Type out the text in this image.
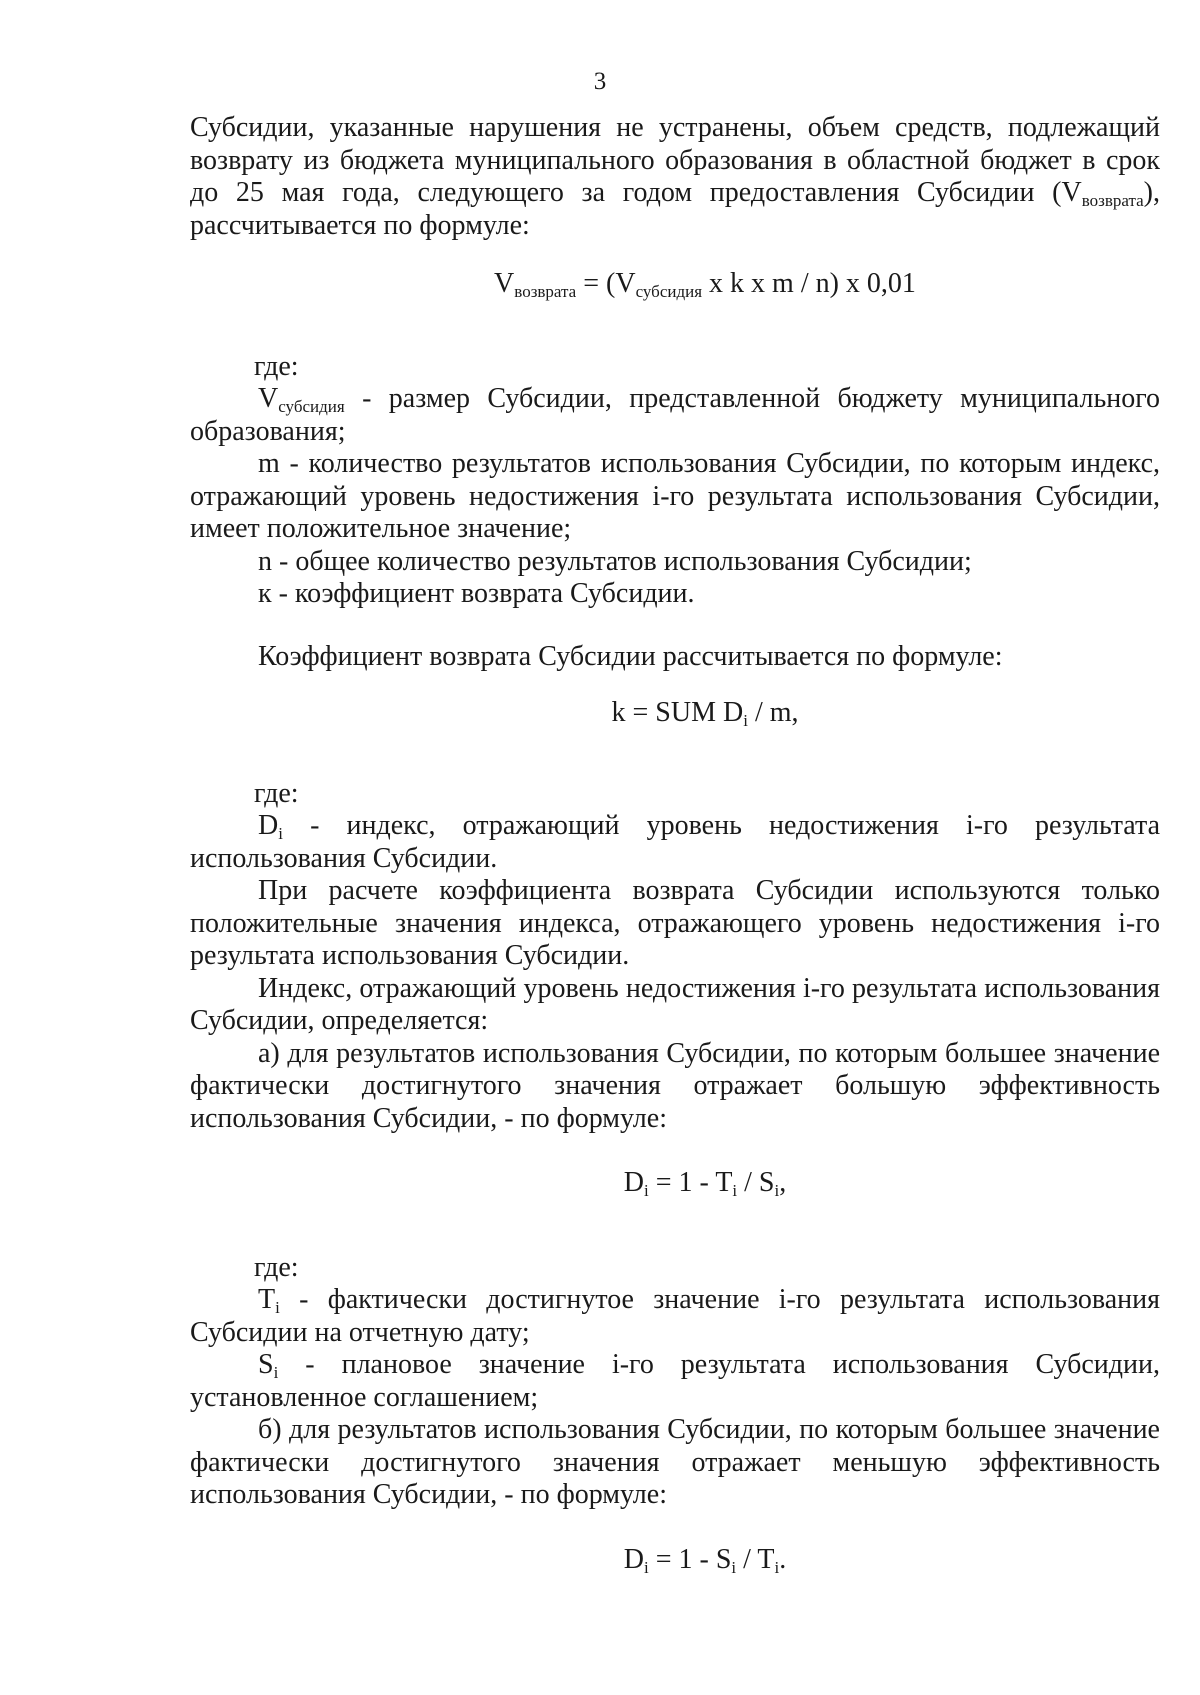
3

Субсидии, указанные нарушения не устранены, объем средств, подлежащий возврату из бюджета муниципального образования в областной бюджет в срок до 25 мая года, следующего за годом предоставления Субсидии $(V_{возврата})$, рассчитывается по формуле:

$V_{возврата} = (V_{субсидия}$ x k x m / n) x 0,01

где:

$V_{субсидия}$ - размер Субсидии, представленной бюджету муниципального образования;

m - количество результатов использования Субсидии, по которым индекс, отражающий уровень недостижения i-го результата использования Субсидии, имеет положительное значение;

n - общее количество результатов использования Субсидии;

к - коэффициент возврата Субсидии.

Коэффициент возврата Субсидии рассчитывается по формуле:

k = SUM $D_i$ / m,

где:

$D_i$ - индекс, отражающий уровень недостижения i-го результата использования Субсидии.

При расчете коэффициента возврата Субсидии используются только положительные значения индекса, отражающего уровень недостижения i-го результата использования Субсидии.

Индекс, отражающий уровень недостижения i-го результата использования Субсидии, определяется:

а) для результатов использования Субсидии, по которым большее значение фактически достигнутого значения отражает большую эффективность использования Субсидии, - по формуле:

$D_i = 1 - T_i / S_i$,

где:

$T_i$ - фактически достигнутое значение i-го результата использования Субсидии на отчетную дату;

$S_i$ - плановое значение i-го результата использования Субсидии, установленное соглашением;

б) для результатов использования Субсидии, по которым большее значение фактически достигнутого значения отражает меньшую эффективность использования Субсидии, - по формуле:

$D_i = 1 - S_i / T_i$.
